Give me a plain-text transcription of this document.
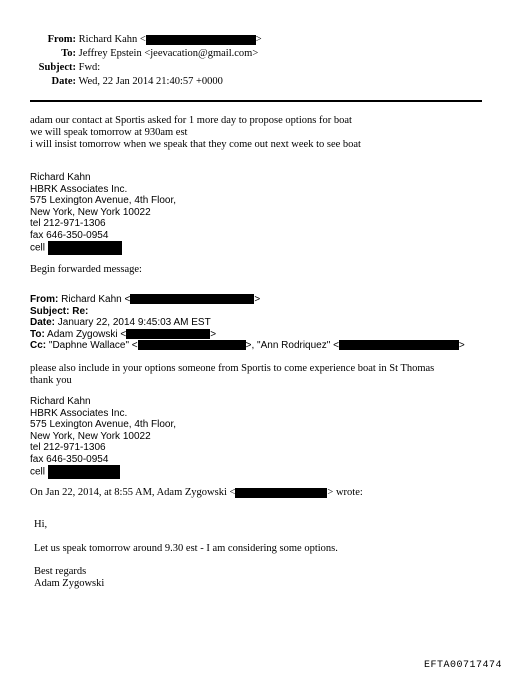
From: Richard Kahn <	>
To: Jeffrey Epstein <jeevacation@gmail.com>
Subject: Fwd:
Date: Wed, 22 Jan 2014 21:40:57 +0000
adam our contact at Sportis asked for 1 more day to propose options for boat
we will speak tomorrow at 930am est
i will insist tomorrow when we speak that they come out next week to see boat
Richard Kahn
HBRK Associates Inc.
575 Lexington Avenue, 4th Floor,
New York, New York 10022
tel 212-971-1306
fax 646-350-0954
cell
Begin forwarded message:
From: Richard Kahn <	>
Subject: Re:
Date: January 22, 2014 9:45:03 AM EST
To: Adam Zygowski <	>
Cc: "Daphne Wallace" <	>, "Ann Rodriquez" <	>
please also include in your options someone from Sportis to come experience boat in St Thomas
thank you
Richard Kahn
HBRK Associates Inc.
575 Lexington Avenue, 4th Floor,
New York, New York 10022
tel 212-971-1306
fax 646-350-0954
cell
On Jan 22, 2014, at 8:55 AM, Adam Zygowski <	> wrote:
Hi,
Let us speak tomorrow around 9.30 est - I am considering some options.
Best regards
Adam Zygowski
EFTA00717474
